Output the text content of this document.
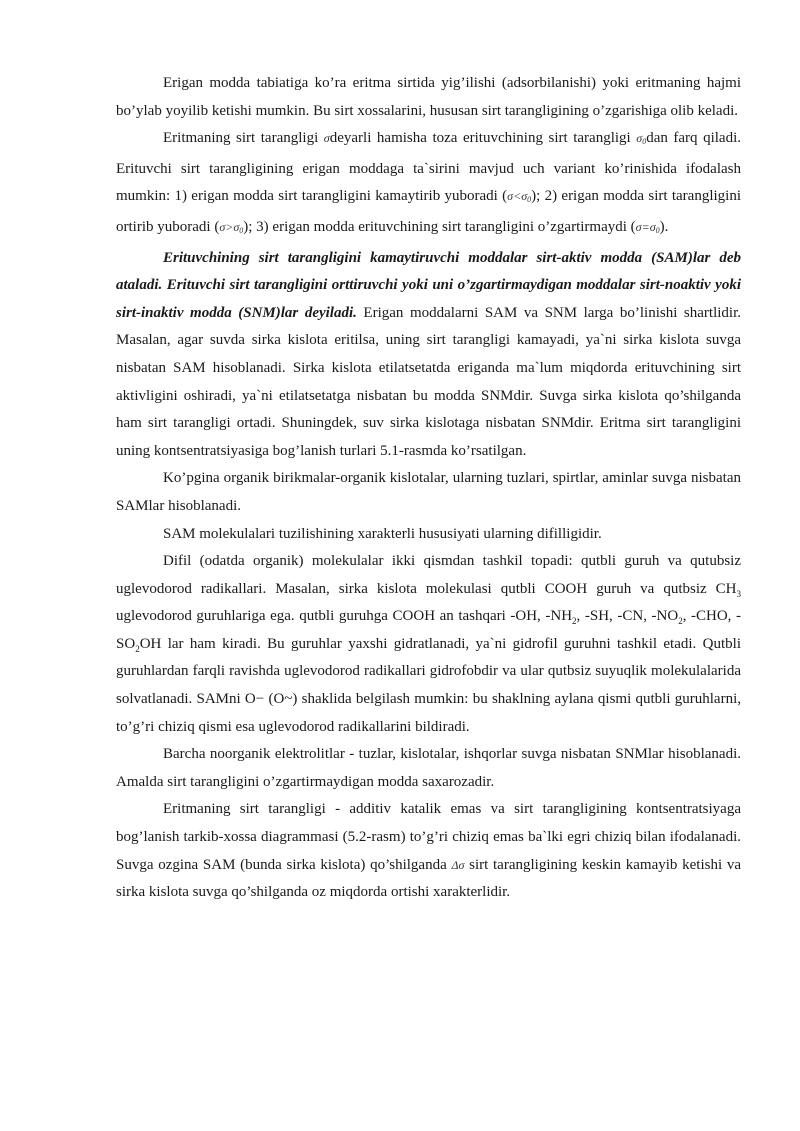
Erigan modda tabiatiga ko’ra eritma sirtida yig’ilishi (adsorbilanishi) yoki eritmaning hajmi bo’ylab yoyilib ketishi mumkin. Bu sirt xossalarini, hususan sirt tarangligining o’zgarishiga olib keladi.

Eritmaning sirt tarangligi σdeyarli hamisha toza erituvchining sirt tarangligi $\sigma_0dan$ farq qiladi. Erituvchi sirt tarangligining erigan moddaga ta`sirini mavjud uch variant ko’rinishida ifodalash mumkin: 1) erigan modda sirt tarangligini kamaytirib yuboradi $(\sigma<\sigma_0)$; 2) erigan modda sirt tarangligini ortirib yuboradi $(\sigma>\sigma_0)$; 3) erigan modda erituvchining sirt tarangligini o’zgartirmaydi $(\sigma=\sigma_0)$.

Erituvchining sirt tarangligini kamaytiruvchi moddalar sirt-aktiv modda (SAM)lar deb ataladi. Erituvchi sirt tarangligini orttiruvchi yoki uni o’zgartirmaydigan moddalar sirt-noaktiv yoki sirt-inaktiv modda (SNM)lar deyiladi. Erigan moddalarni SAM va SNM larga bo’linishi shartlidir. Masalan, agar suvda sirka kislota eritilsa, uning sirt tarangligi kamayadi, ya`ni sirka kislota suvga nisbatan SAM hisoblanadi. Sirka kislota etilatsetatda eriganda ma`lum miqdorda erituvchining sirt aktivligini oshiradi, ya`ni etilatsetatga nisbatan bu modda SNMdir. Suvga sirka kislota qo’shilganda ham sirt tarangligi ortadi. Shuningdek, suv sirka kislotaga nisbatan SNMdir. Eritma sirt tarangligini uning kontsentratsiyasiga bog’lanish turlari 5.1-rasmda ko’rsatilgan.

Ko’pgina organik birikmalar-organik kislotalar, ularning tuzlari, spirtlar, aminlar suvga nisbatan SAMlar hisoblanadi.

SAM molekulalari tuzilishining xarakterli hususiyati ularning difilligidir.

Difil (odatda organik) molekulalar ikki qismdan tashkil topadi: qutbli guruh va qutubsiz uglevodorod radikallari. Masalan, sirka kislota molekulasi qutbli COOH guruh va qutbsiz $CH_3$ uglevodorod guruhlariga ega. qutbli guruhga COOH an tashqari -OH, $-NH_2$, -SH, -CN, $-NO_2$, -CHO, $-SO_2OH$ lar ham kiradi. Bu guruhlar yaxshi gidratlanadi, ya`ni gidrofil guruhni tashkil etadi. Qutbli guruhlardan farqli ravishda uglevodorod radikallari gidrofobdir va ular qutbsiz suyuqlik molekulalarida solvatlanadi. SAMni O− (O~) shaklida belgilash mumkin: bu shaklning aylana qismi qutbli guruhlarni, to’g’ri chiziq qismi esa uglevodorod radikallarini bildiradi.

Barcha noorganik elektrolitlar - tuzlar, kislotalar, ishqorlar suvga nisbatan SNMlar hisoblanadi. Amalda sirt tarangligini o’zgartirmaydigan modda saxarozadir.

Eritmaning sirt tarangligi - additiv katalik emas va sirt tarangligining kontsentratsiyaga bog’lanish tarkib-xossa diagrammasi (5.2-rasm) to’g’ri chiziq emas ba`lki egri chiziq bilan ifodalanadi. Suvga ozgina SAM (bunda sirka kislota) qo’shilganda Δσ sirt tarangligining keskin kamayib ketishi va sirka kislota suvga qo’shilganda oz miqdorda ortishi xarakterlidir.
